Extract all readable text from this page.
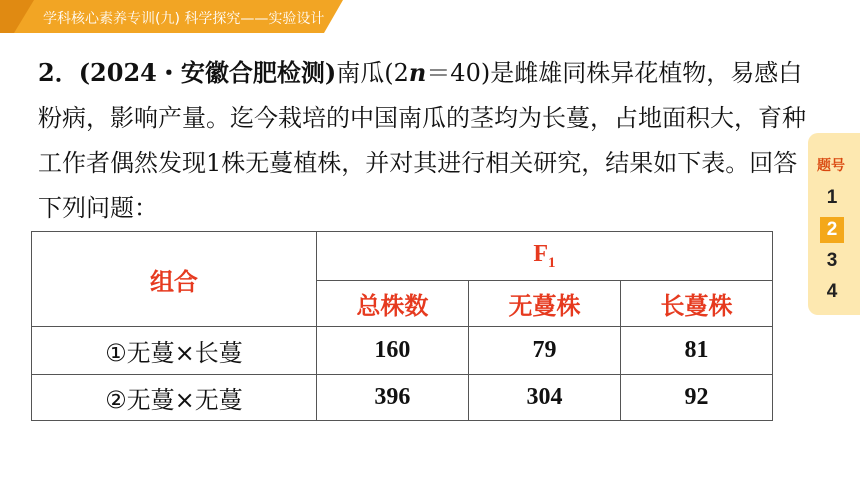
学科核心素养专训(九) 科学探究——实验设计
2．(2024・安徽合肥检测)南瓜(2n＝40)是雌雄同株异花植物，易感白粉病，影响产量。迄今栽培的中国南瓜的茎均为长蔓，占地面积大，育种工作者偶然发现1株无蔓植株，并对其进行相关研究，结果如下表。回答下列问题：
组合	$F_1$
	总株数	无蔓株	长蔓株
①无蔓×长蔓	160	79	81
②无蔓×无蔓	396	304	92
题号
1
2
3
4
